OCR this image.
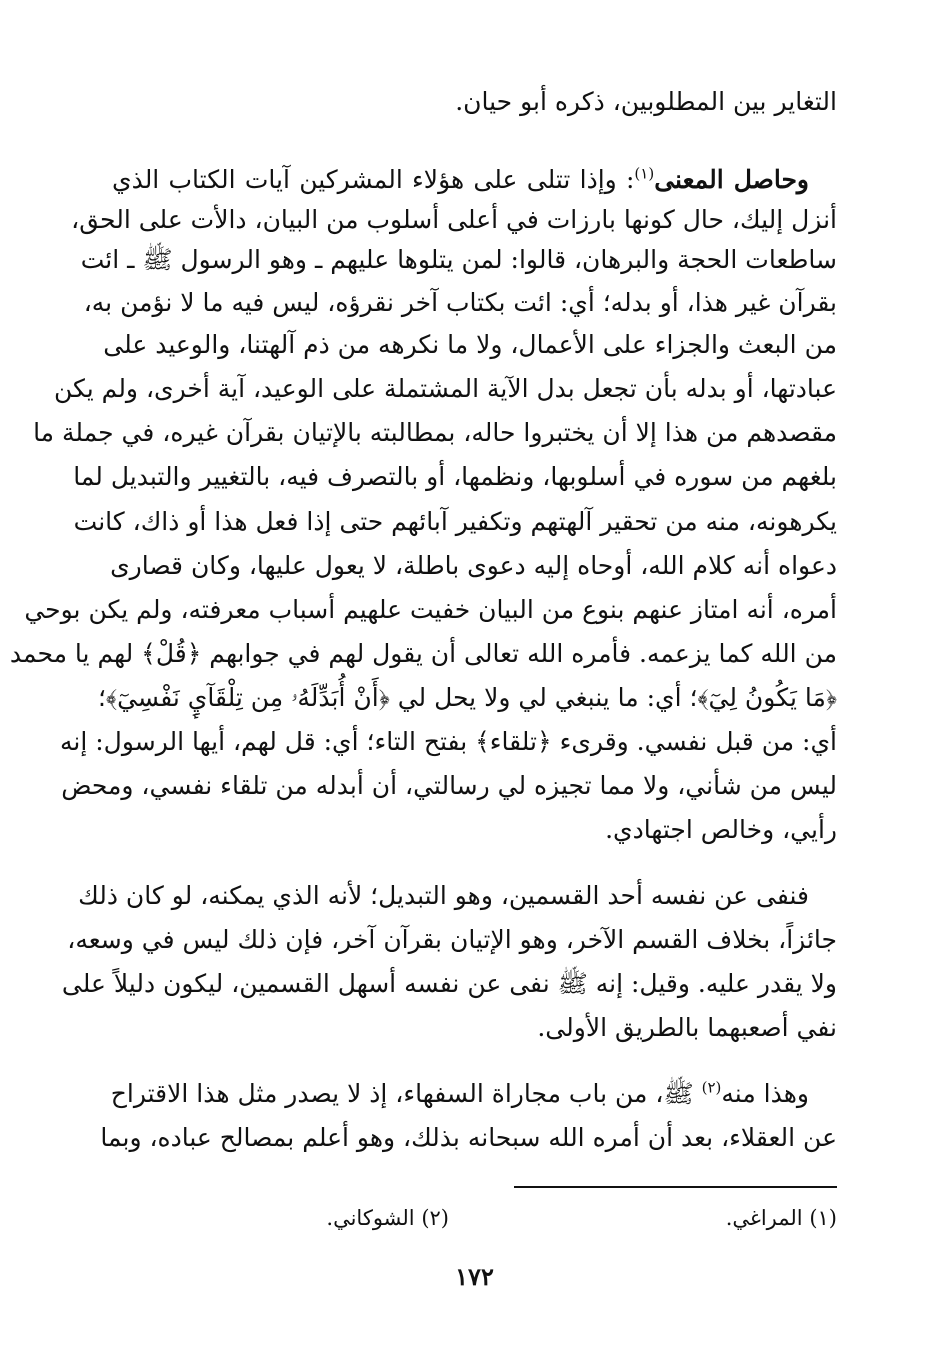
التغاير بين المطلوبين، ذكره أبو حيان.
وحاصل المعنى$^{(١)}$: وإذا تتلى على هؤلاء المشركين آيات الكتاب الذي
أنزل إليك، حال كونها بارزات في أعلى أسلوب من البيان، دالأت على الحق،
ساطعات الحجة والبرهان، قالوا: لمن يتلوها عليهم ـ وهو الرسول ﷺ ـ ائت
بقرآن غير هذا، أو بدله؛ أي: ائت بكتاب آخر نقرؤه، ليس فيه ما لا نؤمن به،
من البعث والجزاء على الأعمال، ولا ما نكرهه من ذم آلهتنا، والوعيد على
عبادتها، أو بدله بأن تجعل بدل الآية المشتملة على الوعيد، آية أخرى، ولم يكن
مقصدهم من هذا إلا أن يختبروا حاله، بمطالبته بالإتيان بقرآن غيره، في جملة ما
بلغهم من سوره في أسلوبها، ونظمها، أو بالتصرف فيه، بالتغيير والتبديل لما
يكرهونه، منه من تحقير آلهتهم وتكفير آبائهم حتى إذا فعل هذا أو ذاك، كانت
دعواه أنه كلام الله، أوحاه إليه دعوى باطلة، لا يعول عليها، وكان قصارى
أمره، أنه امتاز عنهم بنوع من البيان خفيت علهيم أسباب معرفته، ولم يكن بوحي
من الله كما يزعمه. فأمره الله تعالى أن يقول لهم في جوابهم ﴿قُلْ﴾ لهم يا محمد
﴿مَا يَكُونُ لِيٓ﴾؛ أي: ما ينبغي لي ولا يحل لي ﴿أَنْ أُبَدِّلَهُۥ مِن تِلْقَآيِٕ نَفْسِيٓ﴾؛
أي: من قبل نفسي. وقرىء ﴿تلقاء﴾ بفتح التاء؛ أي: قل لهم، أيها الرسول: إنه
ليس من شأني، ولا مما تجيزه لي رسالتي، أن أبدله من تلقاء نفسي، ومحض
رأيي، وخالص اجتهادي.
فنفى عن نفسه أحد القسمين، وهو التبديل؛ لأنه الذي يمكنه، لو كان ذلك
جائزاً، بخلاف القسم الآخر، وهو الإتيان بقرآن آخر، فإن ذلك ليس في وسعه،
ولا يقدر عليه. وقيل: إنه ﷺ نفى عن نفسه أسهل القسمين، ليكون دليلاً على
نفي أصعبهما بالطريق الأولى.
وهذا منه$^{(٢)}$ ﷺ، من باب مجاراة السفهاء، إذ لا يصدر مثل هذا الاقتراح
عن العقلاء، بعد أن أمره الله سبحانه بذلك، وهو أعلم بمصالح عباده، وبما
(١) المراغي.
(٢) الشوكاني.
١٧٢
